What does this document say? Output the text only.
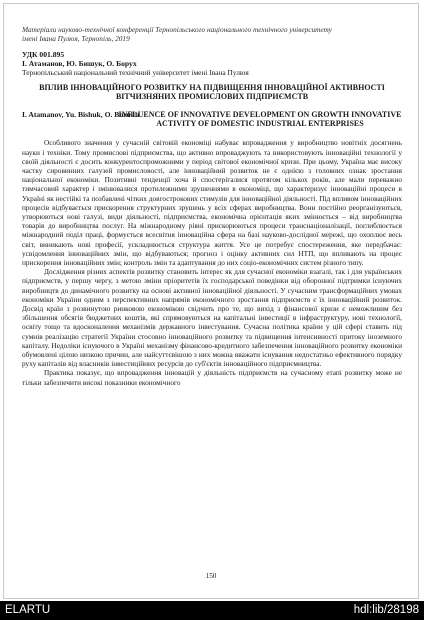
Матеріали науково-технічної конференції Тернопільського національного технічного університету
імені Івана Пулюя, Тернопіль, 2019

УДК 001.895

І. Атаманов, Ю. Бишук, О. Борух

Тернопільський національний технічний університет імені Івана Пулюя

ВПЛИВ ІННОВАЦІЙНОГО РОЗВИТКУ НА ПІДВИЩЕННЯ ІННОВАЦІЙНОЇ АКТИВНОСТІ ВІТЧИЗНЯНИХ ПРОМИСЛОВИХ ПІДПРИЄМСТВ

I. Atamanov, Yu. Bishuk, O. Borukh

INFLUENCE OF INNOVATIVE DEVELOPMENT ON GROWTH INNOVATIVE ACTIVITY OF DOMESTIC INDUSTRIAL ENTERPRISES

Особливого значення у сучасній світовій економіці набуває впровадження у виробництво новітніх досягнень науки і техніки. Тому промислові підприємства, що активно впроваджують та використовують інноваційні технології у своїй діяльності є досить конкурентоспроможними у період світової економічної кризи. При цьому, Україна має високу частку сировинних галузей промисловості, але інноваційний розвиток не є однією з головних ознак зростання національної економіки. Позитивні тенденції хоча й спостерігалися протягом кількох років, але мали переважно тимчасовий характер і змінювалися протилежними зрушеннями в економіці, що характеризує інноваційні процеси в Україні як нестійкі та позбавлені чітких довгострокових стимулів для інноваційної діяльності. Під впливом інноваційних процесів відбувається прискорення структурних зрушень у всіх сферах виробництва. Вони постійно реорганізуються, утворюються нові галузі, види діяльності, підприємства, економічна орієнтація яких змінюється – від виробництва товарів до виробництва послуг. На міжнародному рівні прискорюються процеси транснаціоналізації, поглиблюється міжнародний поділ праці, формується всесвітня інноваційна сфера на базі науково-дослідної мережі, що охоплює весь світ, виникають нові професії, ускладнюється структура життя. Усе це потребує спостереження, яке передбачає: усвідомлення інноваційних змін, що відбуваються; прогноз і оцінку активних сил НТП, що впливають на процес прискорення інноваційних змін; контроль змін та адаптування до них соціо-економічних систем різного типу.

Дослідження різних аспектів розвитку становить інтерес як для сучасної економіки взагалі, так і для українських підприємств, у першу чергу, з метою зміни пріоритетів їх господарської поведінки від оборонної підтримки існуючих виробництв до динамічного розвитку на основі активної інноваційної діяльності. У сучасним трансформаційних умовах економіки України одним з перспективних напрямів економічного зростання підприємств є їх інноваційний розвиток. Досвід країн з розвинутою ринковою економікою свідчить про те, що вихід з фінансової кризи є неможливим без збільшення обсягів бюджетних коштів, які спрямовуються на капітальні інвестиції в інфраструктуру, нові технології, освіту тощо та вдосконалення механізмів державного інвестування. Сучасна політика країни у цій сфері ставить під сумнів реалізацію стратегії України стосовно інноваційного розвитку та підвищення інтенсивності притоку іноземного капіталу. Недоліки існуючого в Україні механізму фінансово-кредитного забезпечення інноваційного розвитку економіки обумовлені цілою низкою причин, але найсуттєвішою з них можна вважати існування недостатньо ефективного порядку руху капіталів від власників інвестиційних ресурсів до суб'єктів інноваційного підприємництва.

Практика показує, що впровадження інновацій у діяльність підприємств на сучасному етапі розвитку може не тільки забезпечити високі показники економічного

150
ELARTU	hdl:lib/28198
